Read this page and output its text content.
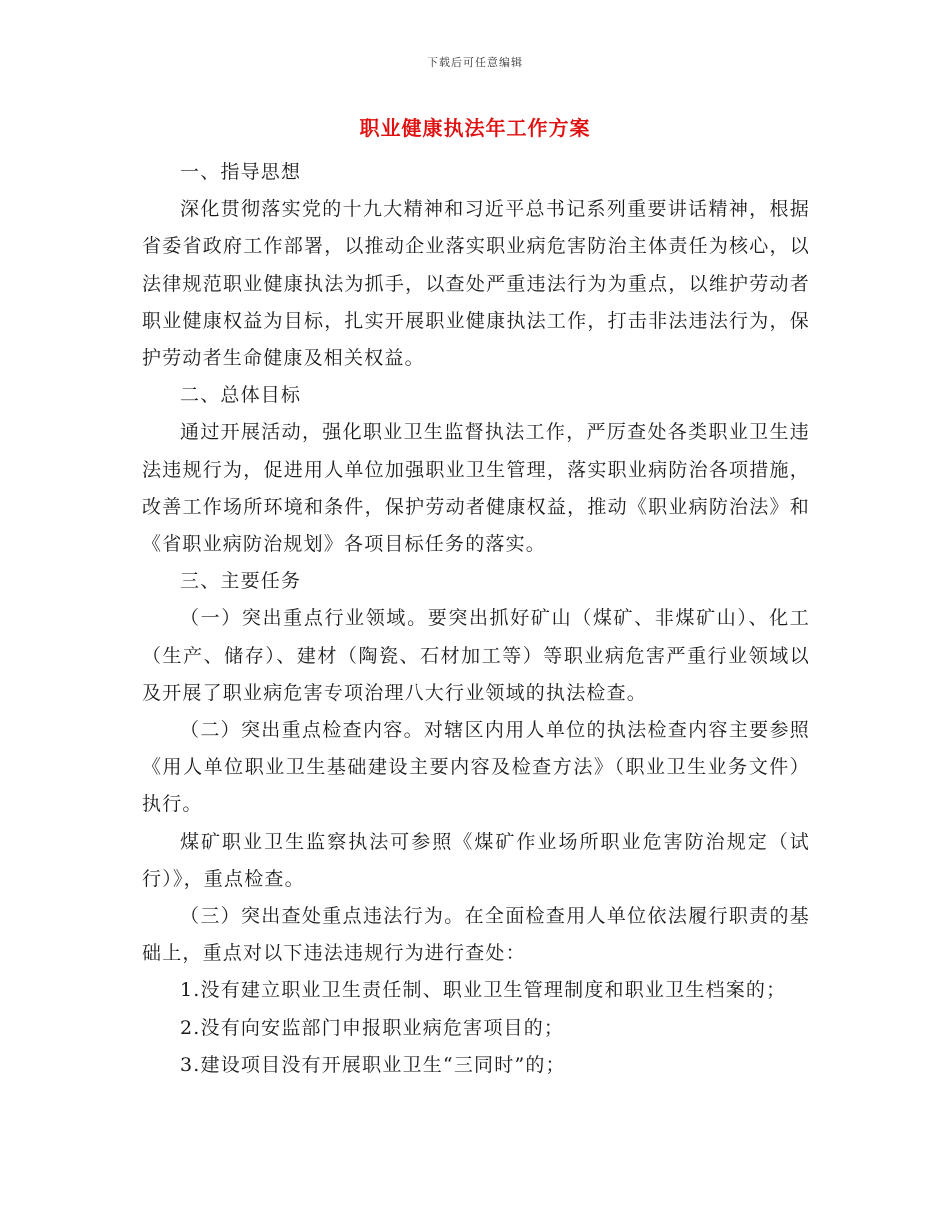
下载后可任意编辑
职业健康执法年工作方案

一、指导思想

深化贯彻落实党的十九大精神和习近平总书记系列重要讲话精神，根据省委省政府工作部署，以推动企业落实职业病危害防治主体责任为核心，以法律规范职业健康执法为抓手，以查处严重违法行为为重点，以维护劳动者职业健康权益为目标，扎实开展职业健康执法工作，打击非法违法行为，保护劳动者生命健康及相关权益。

二、总体目标

通过开展活动，强化职业卫生监督执法工作，严厉查处各类职业卫生违法违规行为，促进用人单位加强职业卫生管理，落实职业病防治各项措施，改善工作场所环境和条件，保护劳动者健康权益，推动《职业病防治法》和《省职业病防治规划》各项目标任务的落实。

三、主要任务

（一）突出重点行业领域。要突出抓好矿山（煤矿、非煤矿山）、化工（生产、储存）、建材（陶瓷、石材加工等）等职业病危害严重行业领域以及开展了职业病危害专项治理八大行业领域的执法检查。

（二）突出重点检查内容。对辖区内用人单位的执法检查内容主要参照《用人单位职业卫生基础建设主要内容及检查方法》（职业卫生业务文件）执行。

煤矿职业卫生监察执法可参照《煤矿作业场所职业危害防治规定（试行）》，重点检查。

（三）突出查处重点违法行为。在全面检查用人单位依法履行职责的基础上，重点对以下违法违规行为进行查处：

1.没有建立职业卫生责任制、职业卫生管理制度和职业卫生档案的；

2.没有向安监部门申报职业病危害项目的；

3.建设项目没有开展职业卫生“三同时”的；
